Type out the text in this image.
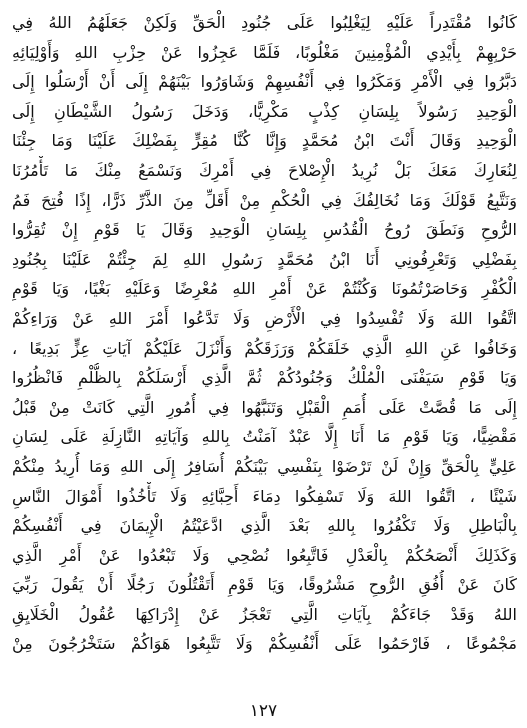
كَانُوا مُقْتَدِراً عَلَيْهِ لِيَغْلِبُوا عَلَى جُنُودِ الْحَقِّ وَلَكِنْ جَعَلَهُمُ اللهُ فِي
حَرْبِهِمْ بِأَيْدِي الْمُؤْمِنِينَ مَغْلُوبًا، فَلَمَّا عَجِزُوا عَنْ حِزْبِ اللهِ وَأَوْلِيَائِهِ
دَبَّرُوا فِي الْأَمْرِ وَمَكَرُوا فِي أَنْفُسِهِمْ وَشَاوَرُوا بَيْنَهُمْ إِلَى أَنْ أَرْسَلُوا إِلَى
الْوَحِيدِ رَسُولاً بِلِسَانِ كِذْبٍ مَكْرِيًّا، وَدَخَلَ رَسُولُ الشَّيْطَانِ إِلَى
الْوَحِيدِ وَقَالَ أَنْتَ ابْنُ مُحَمَّدٍ وَإِنَّا كُنَّا مُقِرٍّ بِفَضْلِكَ عَلَيْنَا وَمَا جِئْنَا
لِنُعَارِكَ مَعَكَ بَلْ نُرِيدُ الْإِصْلاحَ فِي أَمْرِكَ وَنَسْمَعُ مِنْكَ مَا تَأْمُرُنَا
وَنَتَّبِعُ قَوْلَكَ وَمَا نُخَالِفُكَ فِي الْحُكْمِ مِنْ أَقَلِّ مِنَ الذَّرِّ ذَرًّا، إِذًا فُتِحَ فَمُ
الرُّوحِ وَنَطَقَ رُوحُ الْقُدُسِ بِلِسَانِ الْوَحِيدِ وَقَالَ يَا قَوْمِ إِنْ تُقِرُّوا
بِفَضْلِي وَتَعْرِفُونِي أَنَا ابْنُ مُحَمَّدٍ رَسُولِ اللهِ لِمَ جِئْتُمْ عَلَيْنَا بِجُنُودِ
الْكُفْرِ وَحَاصَرْتُمُونَا وَكُنْتُمْ عَنْ أَمْرِ اللهِ مُعْرِضًا وَعَلَيْهِ بَغْيًا، وَيَا قَوْمِ
اتَّقُوا اللهَ وَلَا تُفْسِدُوا فِي الْأَرْضِ وَلَا تَدَّعُوا أَمْرَ اللهِ عَنْ وَرَاءِكُمْ
وَخَافُوا عَنِ اللهِ الَّذِي خَلَقَكُمْ وَرَزَقَكُمْ وَأَنْزَلَ عَلَيْكُمْ آيَاتِ عِزٍّ بَدِيعًا ،
وَيَا قَوْمِ سَيَفْنَى الْمُلْكُ وَجُنُودُكُمْ ثُمَّ الَّذِي أَرْسَلَكُمْ بِالظُّلْمِ فَانْظُرُوا
إِلَى مَا قُصَّتْ عَلَى أُمَمِ الْقَبْلِ وَتَنَبَّهُوا فِي أُمُورِ الَّتِي كَانَتْ مِنْ قَبْلُ
مَقْضِيًّا، وَيَا قَوْمِ مَا أَنَا إِلَّا عَبْدٌ آمَنْتُ بِاللهِ وَآيَاتِهِ النَّازِلَةِ عَلَى لِسَانِ
عَلِيٍّ بِالْحَقِّ وَإِنْ لَنْ تَرْضَوْا بِنَفْسِي بَيْنَكُمْ أُسَافِرُ إِلَى اللهِ وَمَا أُرِيدُ مِنْكُمْ
شَيْئًا ، اتَّقُوا اللهَ وَلَا تَسْفِكُوا دِمَاءَ أَحِبَّائِهِ وَلَا تَأْخُذُوا أَمْوَالَ النَّاسِ
بِالْبَاطِلِ وَلَا تَكْفُرُوا بِاللهِ بَعْدَ الَّذِي ادَّعَيْتُمُ الْإِيمَانَ فِي أَنْفُسِكُمْ
وَكَذَلِكَ أَنْصَحُكُمْ بِالْعَدْلِ فَاتَّبِعُوا نُصْحِي وَلَا تَبْعُدُوا عَنْ أَمْرِ الَّذِي
كَانَ عَنْ أُفُقِ الرُّوحِ مَشْرُوقًا، وَيَا قَوْمِ أَتَقْتُلُونَ رَجُلًا أَنْ يَقُولَ رَبِّيَ
اللهُ وَقَدْ جَاءَكُمْ بِآيَاتِ الَّتِي تَعْجَزُ عَنْ إِدْرَاكِهَا عُقُولُ الْخَلَايِقِ
مَجْمُوعًا ، فَارْحَمُوا عَلَى أَنْفُسِكُمْ وَلَا تَتَّبِعُوا هَوَاكُمْ سَتَخْرُجُونَ مِنْ
١٢٧
